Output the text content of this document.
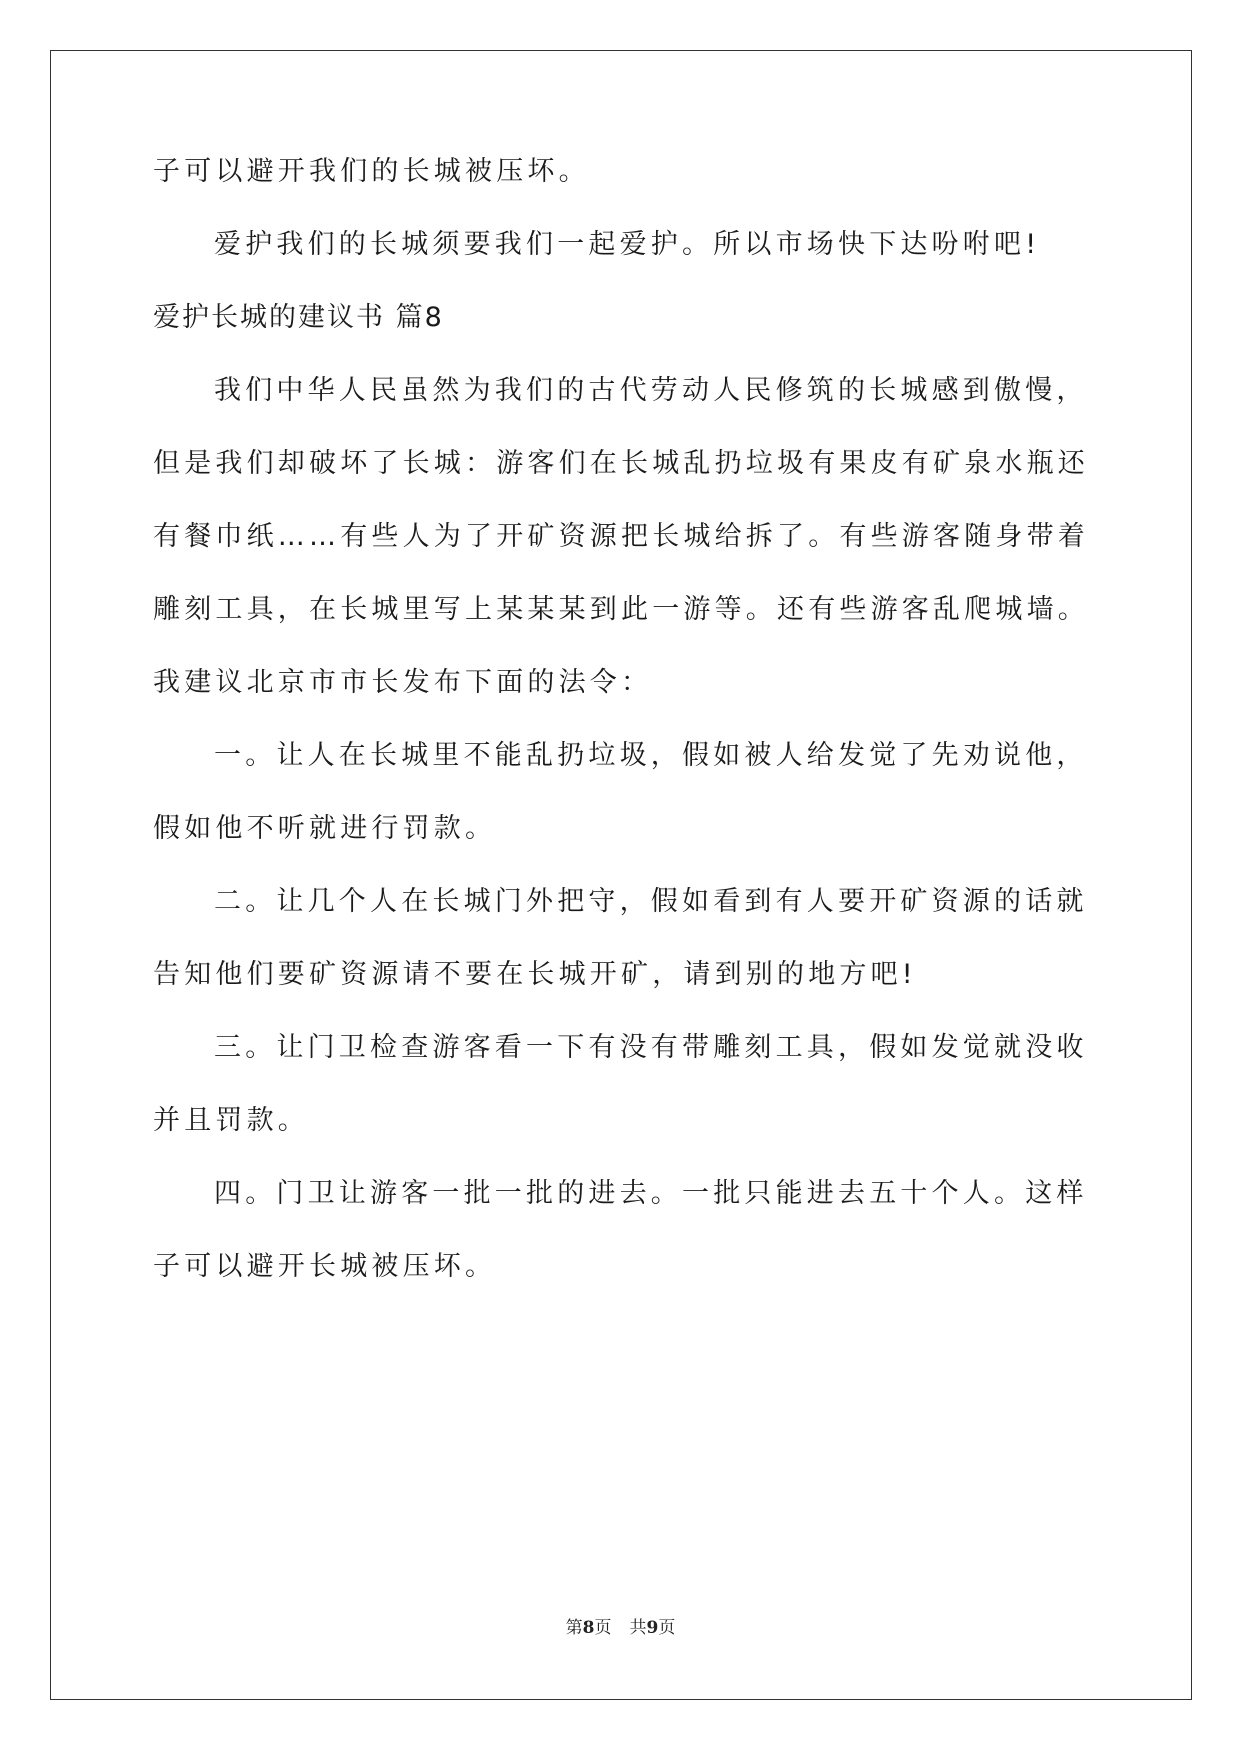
子可以避开我们的长城被压坏。

爱护我们的长城须要我们一起爱护。所以市场快下达吩咐吧!

爱护长城的建议书 篇8

我们中华人民虽然为我们的古代劳动人民修筑的长城感到傲慢，

但是我们却破坏了长城：游客们在长城乱扔垃圾有果皮有矿泉水瓶还

有餐巾纸……有些人为了开矿资源把长城给拆了。有些游客随身带着

雕刻工具，在长城里写上某某某到此一游等。还有些游客乱爬城墙。

我建议北京市市长发布下面的法令：

一。让人在长城里不能乱扔垃圾，假如被人给发觉了先劝说他，

假如他不听就进行罚款。

二。让几个人在长城门外把守，假如看到有人要开矿资源的话就

告知他们要矿资源请不要在长城开矿，请到别的地方吧!

三。让门卫检查游客看一下有没有带雕刻工具，假如发觉就没收

并且罚款。

四。门卫让游客一批一批的进去。一批只能进去五十个人。这样

子可以避开长城被压坏。

第8页 共9页
